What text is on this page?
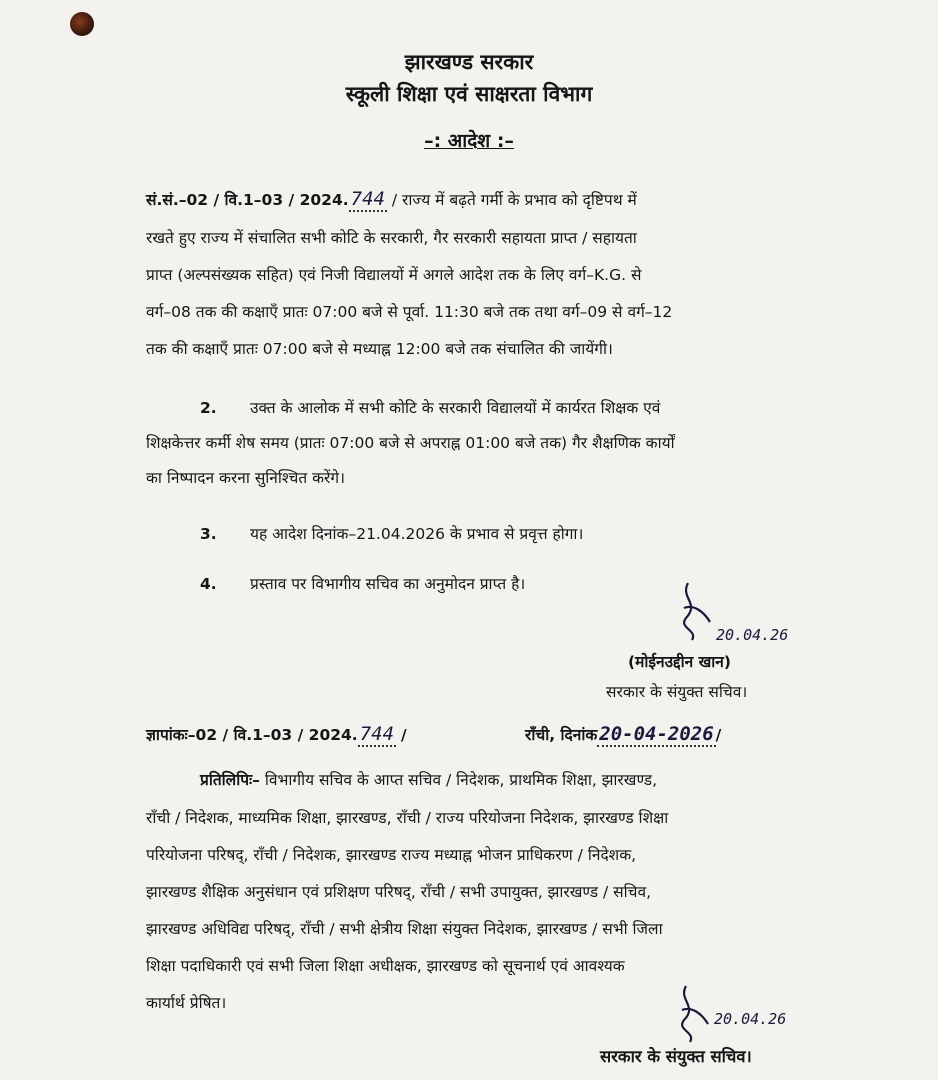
झारखण्ड सरकार
स्कूली शिक्षा एवं साक्षरता विभाग
–: आदेश :–
सं.सं.–02 / वि.1–03 / 2024. 744 / राज्य में बढ़ते गर्मी के प्रभाव को दृष्टिपथ में
रखते हुए राज्य में संचालित सभी कोटि के सरकारी, गैर सरकारी सहायता प्राप्त / सहायता
प्राप्त (अल्पसंख्यक सहित) एवं निजी विद्यालयों में अगले आदेश तक के लिए वर्ग–K.G. से
वर्ग–08 तक की कक्षाएँ प्रातः 07:00 बजे से पूर्वा. 11:30 बजे तक तथा वर्ग–09 से वर्ग–12
तक की कक्षाएँ प्रातः 07:00 बजे से मध्याह्न 12:00 बजे तक संचालित की जायेंगी।
2. उक्त के आलोक में सभी कोटि के सरकारी विद्यालयों में कार्यरत शिक्षक एवं
शिक्षकेत्तर कर्मी शेष समय (प्रातः 07:00 बजे से अपराह्न 01:00 बजे तक) गैर शैक्षणिक कार्यों
का निष्पादन करना सुनिश्चित करेंगे।
3. यह आदेश दिनांक–21.04.2026 के प्रभाव से प्रवृत्त होगा।
4. प्रस्ताव पर विभागीय सचिव का अनुमोदन प्राप्त है।
20.04.26
(मोईनउद्दीन खान)
सरकार के संयुक्त सचिव।
ज्ञापांकः–02 / वि.1–03 / 2024. 744 /	राँची, दिनांक 20-04-2026 /
प्रतिलिपिः– विभागीय सचिव के आप्त सचिव / निदेशक, प्राथमिक शिक्षा, झारखण्ड,
राँची / निदेशक, माध्यमिक शिक्षा, झारखण्ड, राँची / राज्य परियोजना निदेशक, झारखण्ड शिक्षा
परियोजना परिषद्, राँची / निदेशक, झारखण्ड राज्य मध्याह्न भोजन प्राधिकरण / निदेशक,
झारखण्ड शैक्षिक अनुसंधान एवं प्रशिक्षण परिषद्, राँची / सभी उपायुक्त, झारखण्ड / सचिव,
झारखण्ड अधिविद्य परिषद्, राँची / सभी क्षेत्रीय शिक्षा संयुक्त निदेशक, झारखण्ड / सभी जिला
शिक्षा पदाधिकारी एवं सभी जिला शिक्षा अधीक्षक, झारखण्ड को सूचनार्थ एवं आवश्यक
कार्यार्थ प्रेषित।
20.04.26
सरकार के संयुक्त सचिव।
